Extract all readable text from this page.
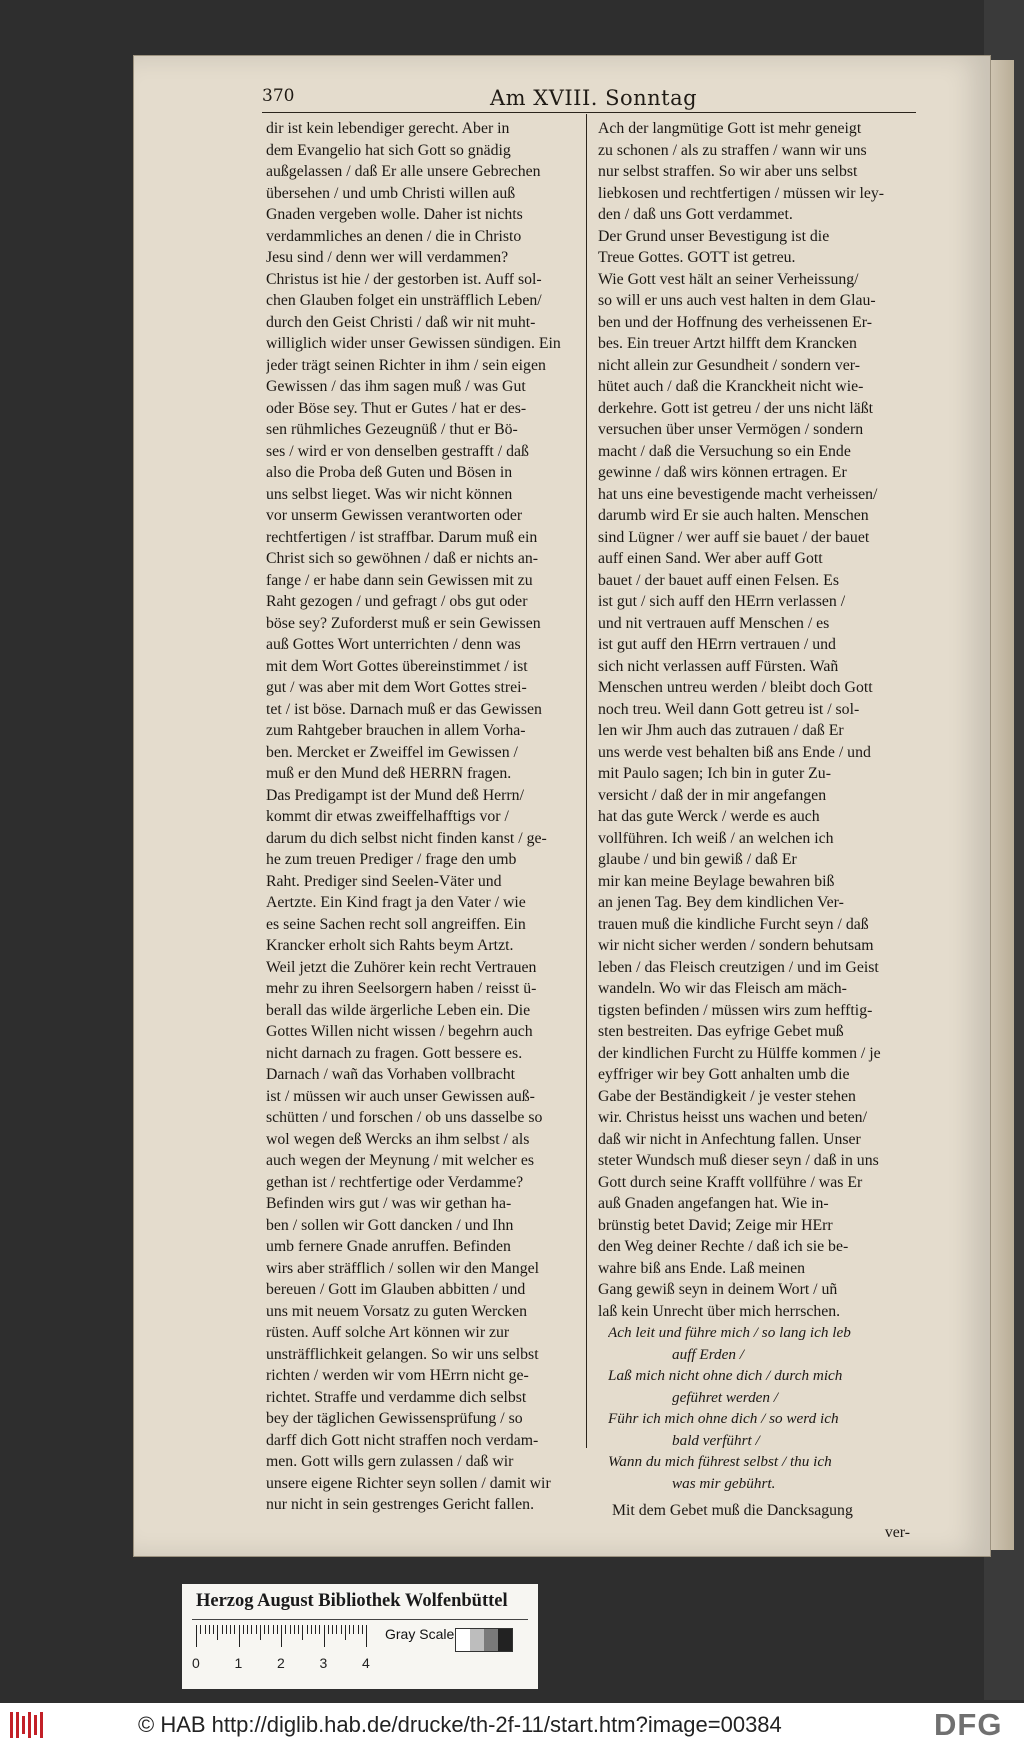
370	Am XVIII. Sonntag
dir ist kein lebendiger gerecht. Aber in
dem Evangelio hat sich Gott so gnädig
außgelassen / daß Er alle unsere Gebrechen
übersehen / und umb Christi willen auß
Gnaden vergeben wolle. Daher ist nichts
verdammliches an denen / die in Christo
Jesu sind / denn wer will verdammen?
Christus ist hie / der gestorben ist. Auff sol-
chen Glauben folget ein unsträfflich Leben/
durch den Geist Christi / daß wir nit muht-
williglich wider unser Gewissen sündigen. Ein
jeder trägt seinen Richter in ihm / sein eigen
Gewissen / das ihm sagen muß / was Gut
oder Böse sey. Thut er Gutes / hat er des-
sen rühmliches Gezeugnüß / thut er Bö-
ses / wird er von denselben gestrafft / daß
also die Proba deß Guten und Bösen in
uns selbst lieget. Was wir nicht können
vor unserm Gewissen verantworten oder
rechtfertigen / ist straffbar. Darum muß ein
Christ sich so gewöhnen / daß er nichts an-
fange / er habe dann sein Gewissen mit zu
Raht gezogen / und gefragt / obs gut oder
böse sey? Zuforderst muß er sein Gewissen
auß Gottes Wort unterrichten / denn was
mit dem Wort Gottes übereinstimmet / ist
gut / was aber mit dem Wort Gottes strei-
tet / ist böse. Darnach muß er das Gewissen
zum Rahtgeber brauchen in allem Vorha-
ben. Mercket er Zweiffel im Gewissen /
muß er den Mund deß HERRN fragen.
Das Predigampt ist der Mund deß Herrn/
kommt dir etwas zweiffelhafftigs vor /
darum du dich selbst nicht finden kanst / ge-
he zum treuen Prediger / frage den umb
Raht. Prediger sind Seelen-Väter und
Aertzte. Ein Kind fragt ja den Vater / wie
es seine Sachen recht soll angreiffen. Ein
Krancker erholt sich Rahts beym Artzt.
Weil jetzt die Zuhörer kein recht Vertrauen
mehr zu ihren Seelsorgern haben / reisst ü-
berall das wilde ärgerliche Leben ein. Die
Gottes Willen nicht wissen / begehrn auch
nicht darnach zu fragen. Gott bessere es.
Darnach / wañ das Vorhaben vollbracht
ist / müssen wir auch unser Gewissen auß-
schütten / und forschen / ob uns dasselbe so
wol wegen deß Wercks an ihm selbst / als
auch wegen der Meynung / mit welcher es
gethan ist / rechtfertige oder Verdamme?
Befinden wirs gut / was wir gethan ha-
ben / sollen wir Gott dancken / und Ihn
umb fernere Gnade anruffen. Befinden
wirs aber sträfflich / sollen wir den Mangel
bereuen / Gott im Glauben abbitten / und
uns mit neuem Vorsatz zu guten Wercken
rüsten. Auff solche Art können wir zur
unsträfflichkeit gelangen. So wir uns selbst
richten / werden wir vom HErrn nicht ge-
richtet. Straffe und verdamme dich selbst
bey der täglichen Gewissensprüfung / so
darff dich Gott nicht straffen noch verdam-
men. Gott wills gern zulassen / daß wir
unsere eigene Richter seyn sollen / damit wir
nur nicht in sein gestrenges Gericht fallen.
Ach der langmütige Gott ist mehr geneigt
zu schonen / als zu straffen / wann wir uns
nur selbst straffen. So wir aber uns selbst
liebkosen und rechtfertigen / müssen wir ley-
den / daß uns Gott verdammet.
Der Grund unser Bevestigung ist die
Treue Gottes. GOTT ist getreu.
Wie Gott vest hält an seiner Verheissung/
so will er uns auch vest halten in dem Glau-
ben und der Hoffnung des verheissenen Er-
bes. Ein treuer Artzt hilfft dem Krancken
nicht allein zur Gesundheit / sondern ver-
hütet auch / daß die Kranckheit nicht wie-
derkehre. Gott ist getreu / der uns nicht läßt
versuchen über unser Vermögen / sondern
macht / daß die Versuchung so ein Ende
gewinne / daß wirs können ertragen. Er
hat uns eine bevestigende macht verheissen/
darumb wird Er sie auch halten. Menschen
sind Lügner / wer auff sie bauet / der bauet
auff einen Sand. Wer aber auff Gott
bauet / der bauet auff einen Felsen. Es
ist gut / sich auff den HErrn verlassen /
und nit vertrauen auff Menschen / es
ist gut auff den HErrn vertrauen / und
sich nicht verlassen auff Fürsten. Wañ
Menschen untreu werden / bleibt doch Gott
noch treu. Weil dann Gott getreu ist / sol-
len wir Jhm auch das zutrauen / daß Er
uns werde vest behalten biß ans Ende / und
mit Paulo sagen; Ich bin in guter Zu-
versicht / daß der in mir angefangen
hat das gute Werck / werde es auch
vollführen. Ich weiß / an welchen ich
glaube / und bin gewiß / daß Er
mir kan meine Beylage bewahren biß
an jenen Tag. Bey dem kindlichen Ver-
trauen muß die kindliche Furcht seyn / daß
wir nicht sicher werden / sondern behutsam
leben / das Fleisch creutzigen / und im Geist
wandeln. Wo wir das Fleisch am mäch-
tigsten befinden / müssen wirs zum hefftig-
sten bestreiten. Das eyfrige Gebet muß
der kindlichen Furcht zu Hülffe kommen / je
eyffriger wir bey Gott anhalten umb die
Gabe der Beständigkeit / je vester stehen
wir. Christus heisst uns wachen und beten/
daß wir nicht in Anfechtung fallen. Unser
steter Wundsch muß dieser seyn / daß in uns
Gott durch seine Krafft vollführe / was Er
auß Gnaden angefangen hat. Wie in-
brünstig betet David; Zeige mir HErr
den Weg deiner Rechte / daß ich sie be-
wahre biß ans Ende. Laß meinen
Gang gewiß seyn in deinem Wort / uñ
laß kein Unrecht über mich herrschen.
Ach leit und führe mich / so lang ich leb
auff Erden /
Laß mich nicht ohne dich / durch mich
geführet werden /
Führ ich mich ohne dich / so werd ich
bald verführt /
Wann du mich führest selbst / thu ich
was mir gebührt.
Mit dem Gebet muß die Dancksagung
ver-
Herzog August Bibliothek Wolfenbüttel
Gray Scale
0 1 2 3 4
© HAB http://diglib.hab.de/drucke/th-2f-11/start.htm?image=00384	DFG
